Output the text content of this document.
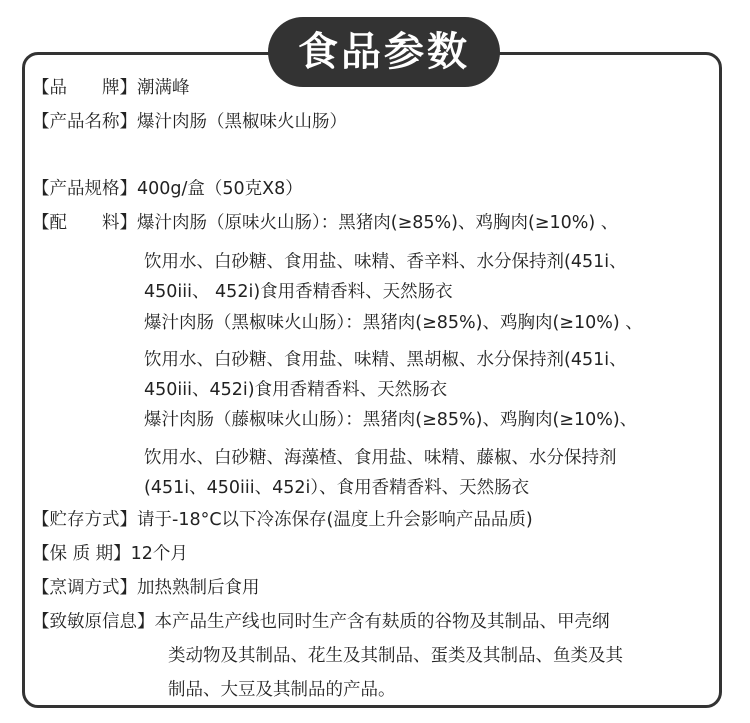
食品参数
【品　　牌】潮满峰
【产品名称】爆汁肉肠（黑椒味火山肠）
【产品规格】400g/盒（50克X8）
【配　　料】爆汁肉肠（原味火山肠）：黑猪肉(≥85%)、鸡胸肉(≥10%) 、
饮用水、白砂糖、食用盐、味精、香辛料、水分保持剂(451i、
450iii、 452i)食用香精香料、天然肠衣
爆汁肉肠（黑椒味火山肠）：黑猪肉(≥85%)、鸡胸肉(≥10%) 、
饮用水、白砂糖、食用盐、味精、黑胡椒、水分保持剂(451i、
450iii、452i)食用香精香料、天然肠衣
爆汁肉肠（藤椒味火山肠）：黑猪肉(≥85%)、鸡胸肉(≥10%)、
饮用水、白砂糖、海藻楂、食用盐、味精、藤椒、水分保持剂
(451i、450iii、452i）、食用香精香料、天然肠衣
【贮存方式】请于-18°C以下冷冻保存(温度上升会影响产品品质)
【保 质 期】12个月
【烹调方式】加热熟制后食用
【致敏原信息】本产品生产线也同时生产含有麸质的谷物及其制品、甲壳纲
类动物及其制品、花生及其制品、蛋类及其制品、鱼类及其
制品、大豆及其制品的产品。
